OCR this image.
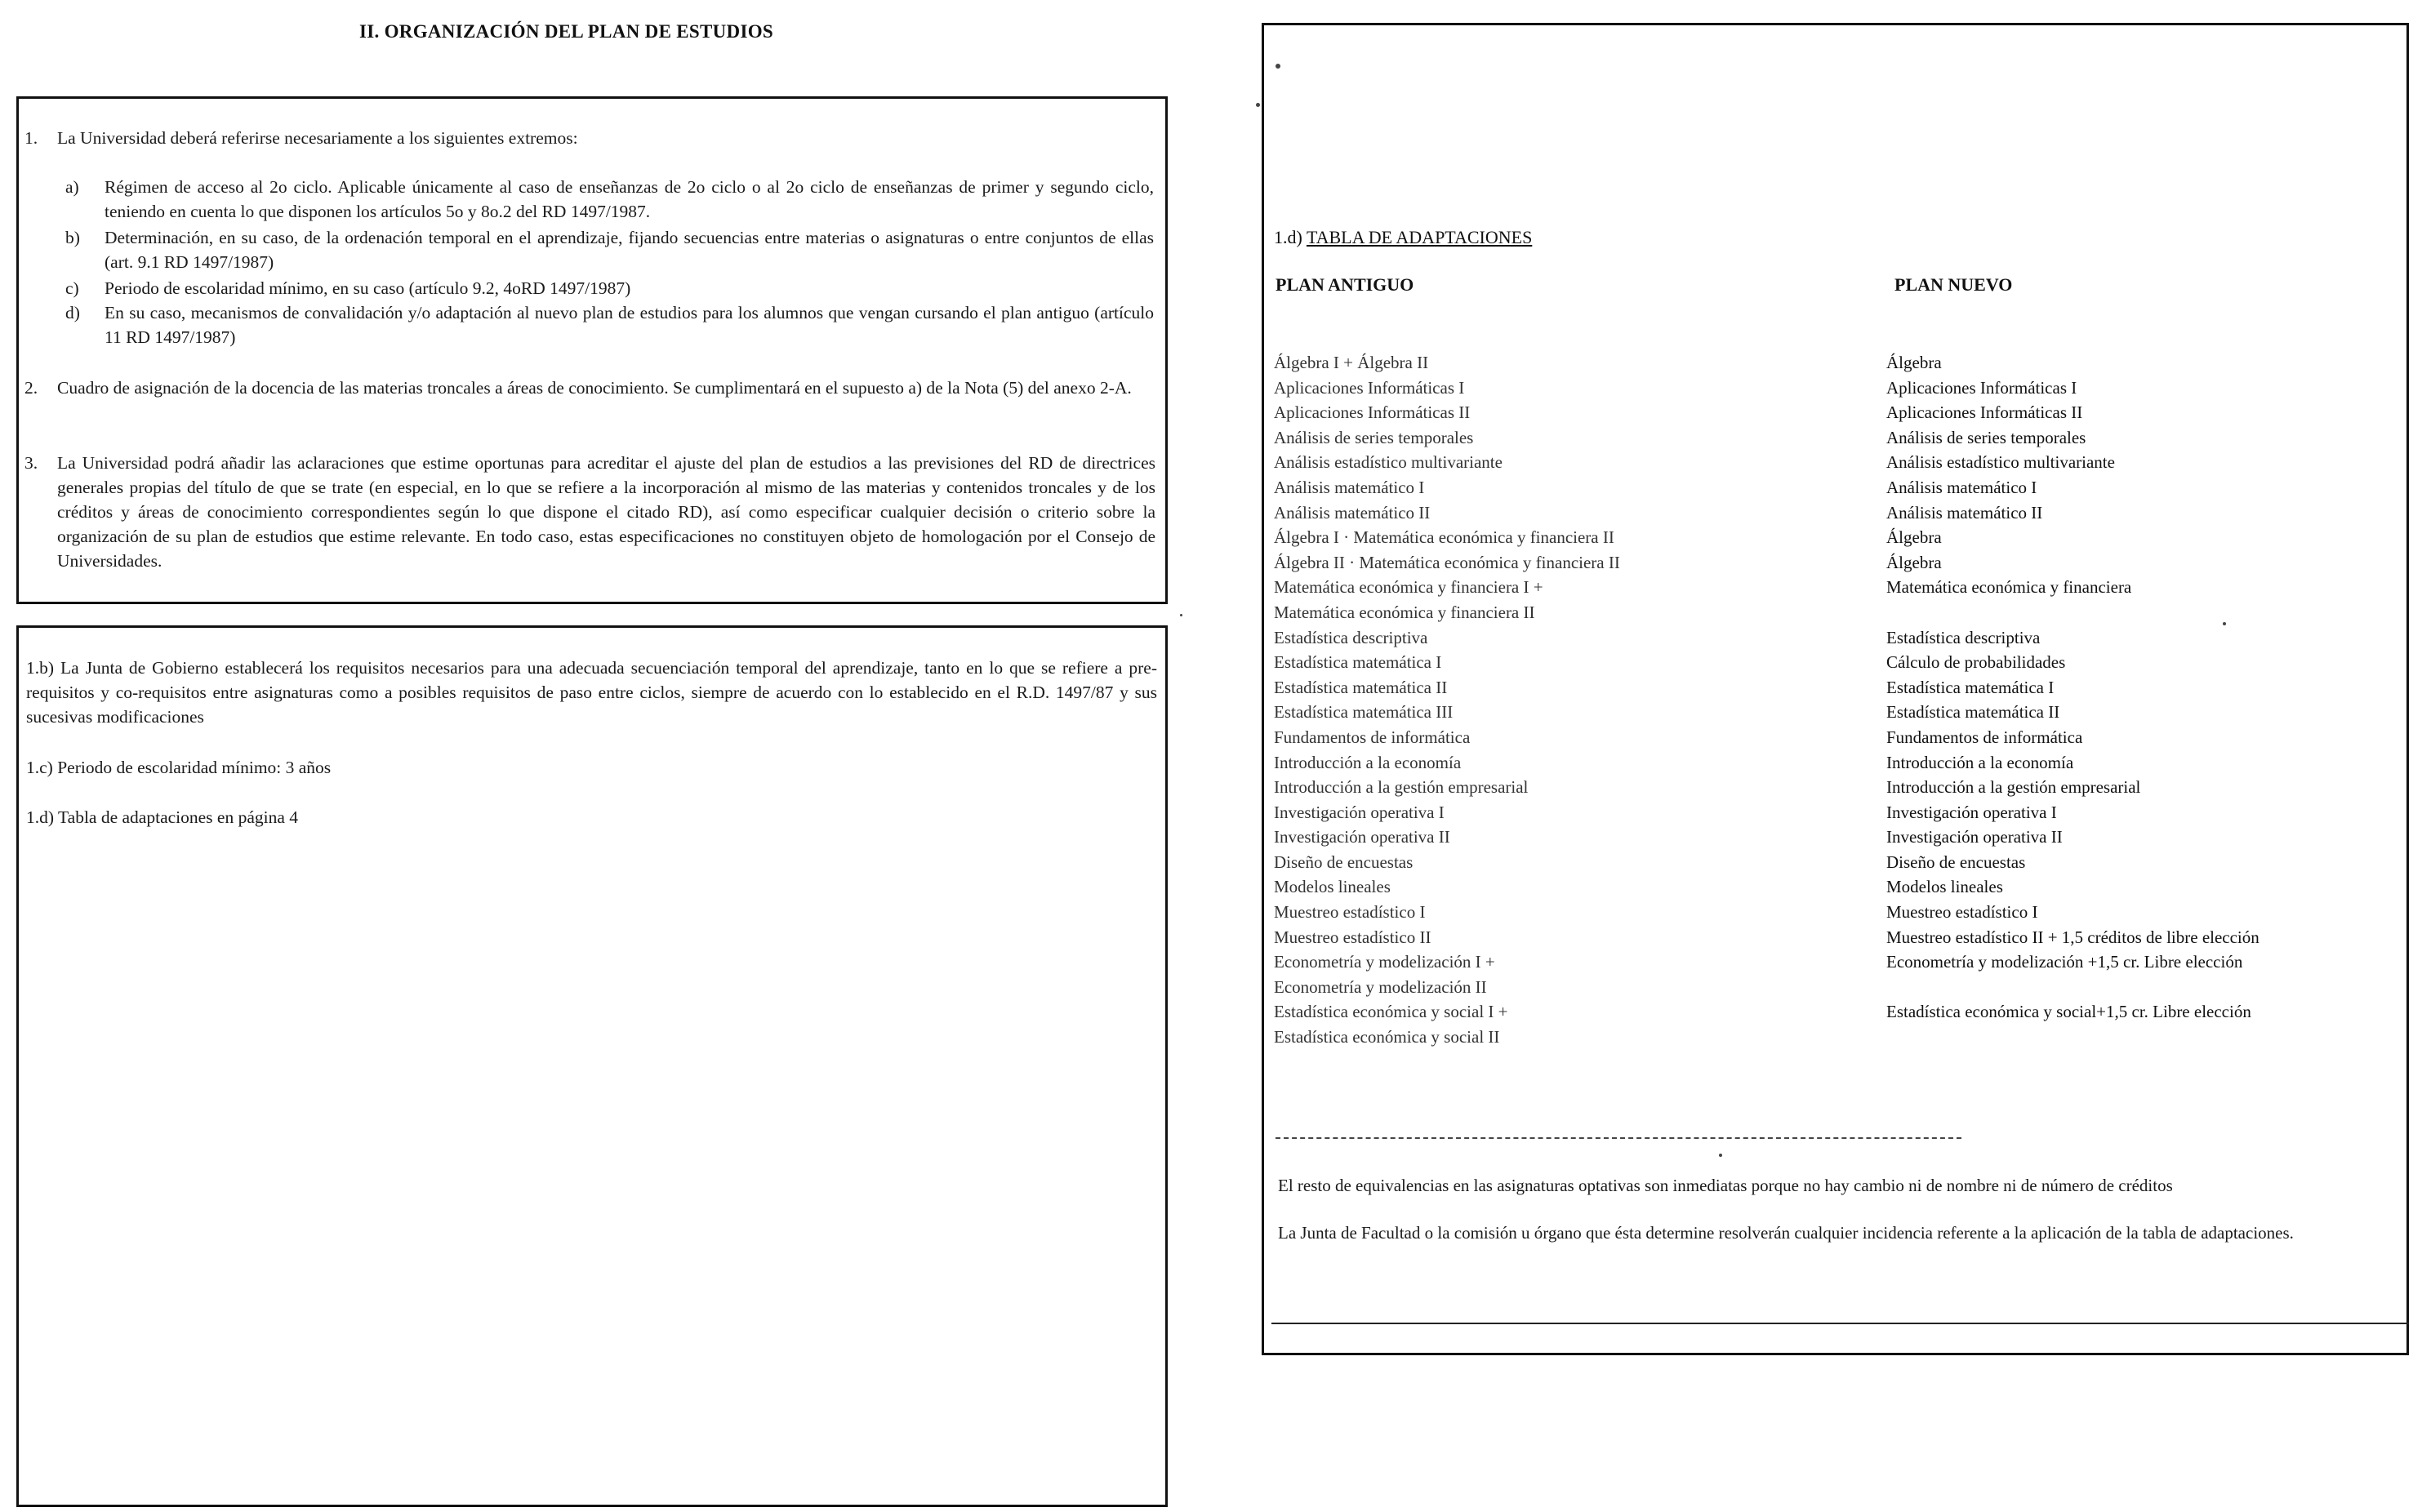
II. ORGANIZACIÓN DEL PLAN DE ESTUDIOS
1. La Universidad deberá referirse necesariamente a los siguientes extremos:
a) Régimen de acceso al 2o ciclo. Aplicable únicamente al caso de enseñanzas de 2o ciclo o al 2o ciclo de enseñanzas de primer y segundo ciclo, teniendo en cuenta lo que disponen los artículos 5o y 8o.2 del RD 1497/1987.
b) Determinación, en su caso, de la ordenación temporal en el aprendizaje, fijando secuencias entre materias o asignaturas o entre conjuntos de ellas (art. 9.1 RD 1497/1987)
c) Periodo de escolaridad mínimo, en su caso (artículo 9.2, 4oRD 1497/1987)
d) En su caso, mecanismos de convalidación y/o adaptación al nuevo plan de estudios para los alumnos que vengan cursando el plan antiguo (artículo 11 RD 1497/1987)
2. Cuadro de asignación de la docencia de las materias troncales a áreas de conocimiento. Se cumplimentará en el supuesto a) de la Nota (5) del anexo 2-A.
3. La Universidad podrá añadir las aclaraciones que estime oportunas para acreditar el ajuste del plan de estudios a las previsiones del RD de directrices generales propias del título de que se trate (en especial, en lo que se refiere a la incorporación al mismo de las materias y contenidos troncales y de los créditos y áreas de conocimiento correspondientes según lo que dispone el citado RD), así como especificar cualquier decisión o criterio sobre la organización de su plan de estudios que estime relevante. En todo caso, estas especificaciones no constituyen objeto de homologación por el Consejo de Universidades.
1.b) La Junta de Gobierno establecerá los requisitos necesarios para una adecuada secuenciación temporal del aprendizaje, tanto en lo que se refiere a pre-requisitos y co-requisitos entre asignaturas como a posibles requisitos de paso entre ciclos, siempre de acuerdo con lo establecido en el R.D. 1497/87 y sus sucesivas modificaciones
1.c) Periodo de escolaridad mínimo: 3 años
1.d) Tabla de adaptaciones en página 4
1.d) TABLA DE ADAPTACIONES
PLAN ANTIGUO	PLAN NUEVO
Álgebra I + Álgebra II
Aplicaciones Informáticas I
Aplicaciones Informáticas II
Análisis de series temporales
Análisis estadístico multivariante
Análisis matemático I
Análisis matemático II
Álgebra I · Matemática económica y financiera II
Álgebra II · Matemática económica y financiera II
Matemática económica y financiera I +
Matemática económica y financiera II
Estadística descriptiva
Estadística matemática I
Estadística matemática II
Estadística matemática III
Fundamentos de informática
Introducción a la economía
Introducción a la gestión empresarial
Investigación operativa I
Investigación operativa II
Diseño de encuestas
Modelos lineales
Muestreo estadístico I
Muestreo estadístico II
Econometría y modelización I +
Econometría y modelización II
Estadística económica y social I +
Estadística económica y social II
Álgebra
Aplicaciones Informáticas I
Aplicaciones Informáticas II
Análisis de series temporales
Análisis estadístico multivariante
Análisis matemático I
Análisis matemático II
Álgebra
Álgebra
Matemática económica y financiera
Estadística descriptiva
Cálculo de probabilidades
Estadística matemática I
Estadística matemática II
Fundamentos de informática
Introducción a la economía
Introducción a la gestión empresarial
Investigación operativa I
Investigación operativa II
Diseño de encuestas
Modelos lineales
Muestreo estadístico I
Muestreo estadístico II + 1,5 créditos de libre elección
Econometría y modelización +1,5 cr. Libre elección
Estadística económica y social+1,5 cr. Libre elección
El resto de equivalencias en las asignaturas optativas son inmediatas porque no hay cambio ni de nombre ni de número de créditos
La Junta de Facultad o la comisión u órgano que ésta determine resolverán cualquier incidencia referente a la aplicación de la tabla de adaptaciones.
